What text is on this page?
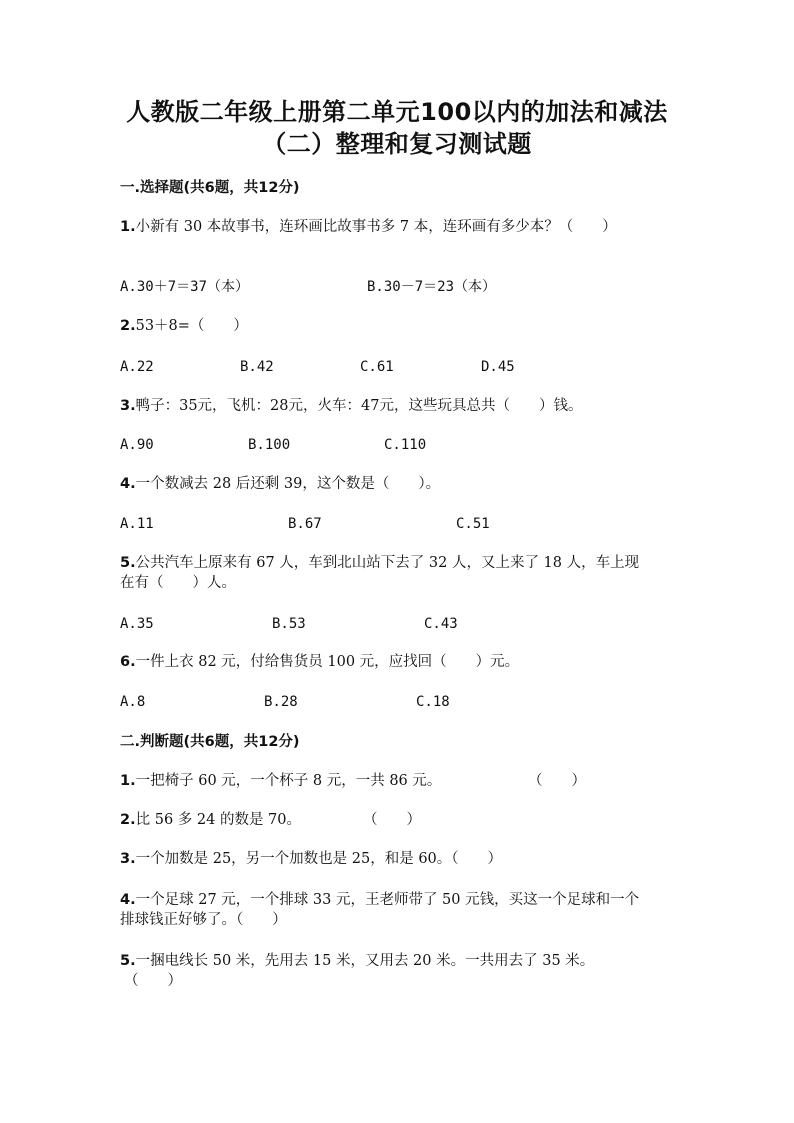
人教版二年级上册第二单元100以内的加法和减法
（二）整理和复习测试题
一.选择题(共6题，共12分)
1.小新有 30 本故事书，连环画比故事书多 7 本，连环画有多少本？（　　）
A.30＋7＝37（本）	B.30－7＝23（本）
2.53＋8=（　　）
A.22	B.42	C.61	D.45
3.鸭子：35元，飞机：28元，火车：47元，这些玩具总共（　　）钱。
A.90	B.100	C.110
4.一个数减去 28 后还剩 39，这个数是（　　）。
A.11	B.67	C.51
5.公共汽车上原来有 67 人，车到北山站下去了 32 人，又上来了 18 人，车上现
在有（　　）人。
A.35	B.53	C.43
6.一件上衣 82 元，付给售货员 100 元，应找回（　　）元。
A.8	B.28	C.18
二.判断题(共6题，共12分)
1.一把椅子 60 元，一个杯子 8 元，一共 86 元。	（　　）
2.比 56 多 24 的数是 70。	（　　）
3.一个加数是 25，另一个加数也是 25，和是 60。（　　）
4.一个足球 27 元，一个排球 33 元，王老师带了 50 元钱，买这一个足球和一个
排球钱正好够了。（　　）
5.一捆电线长 50 米，先用去 15 米，又用去 20 米。一共用去了 35 米。
（　　）
